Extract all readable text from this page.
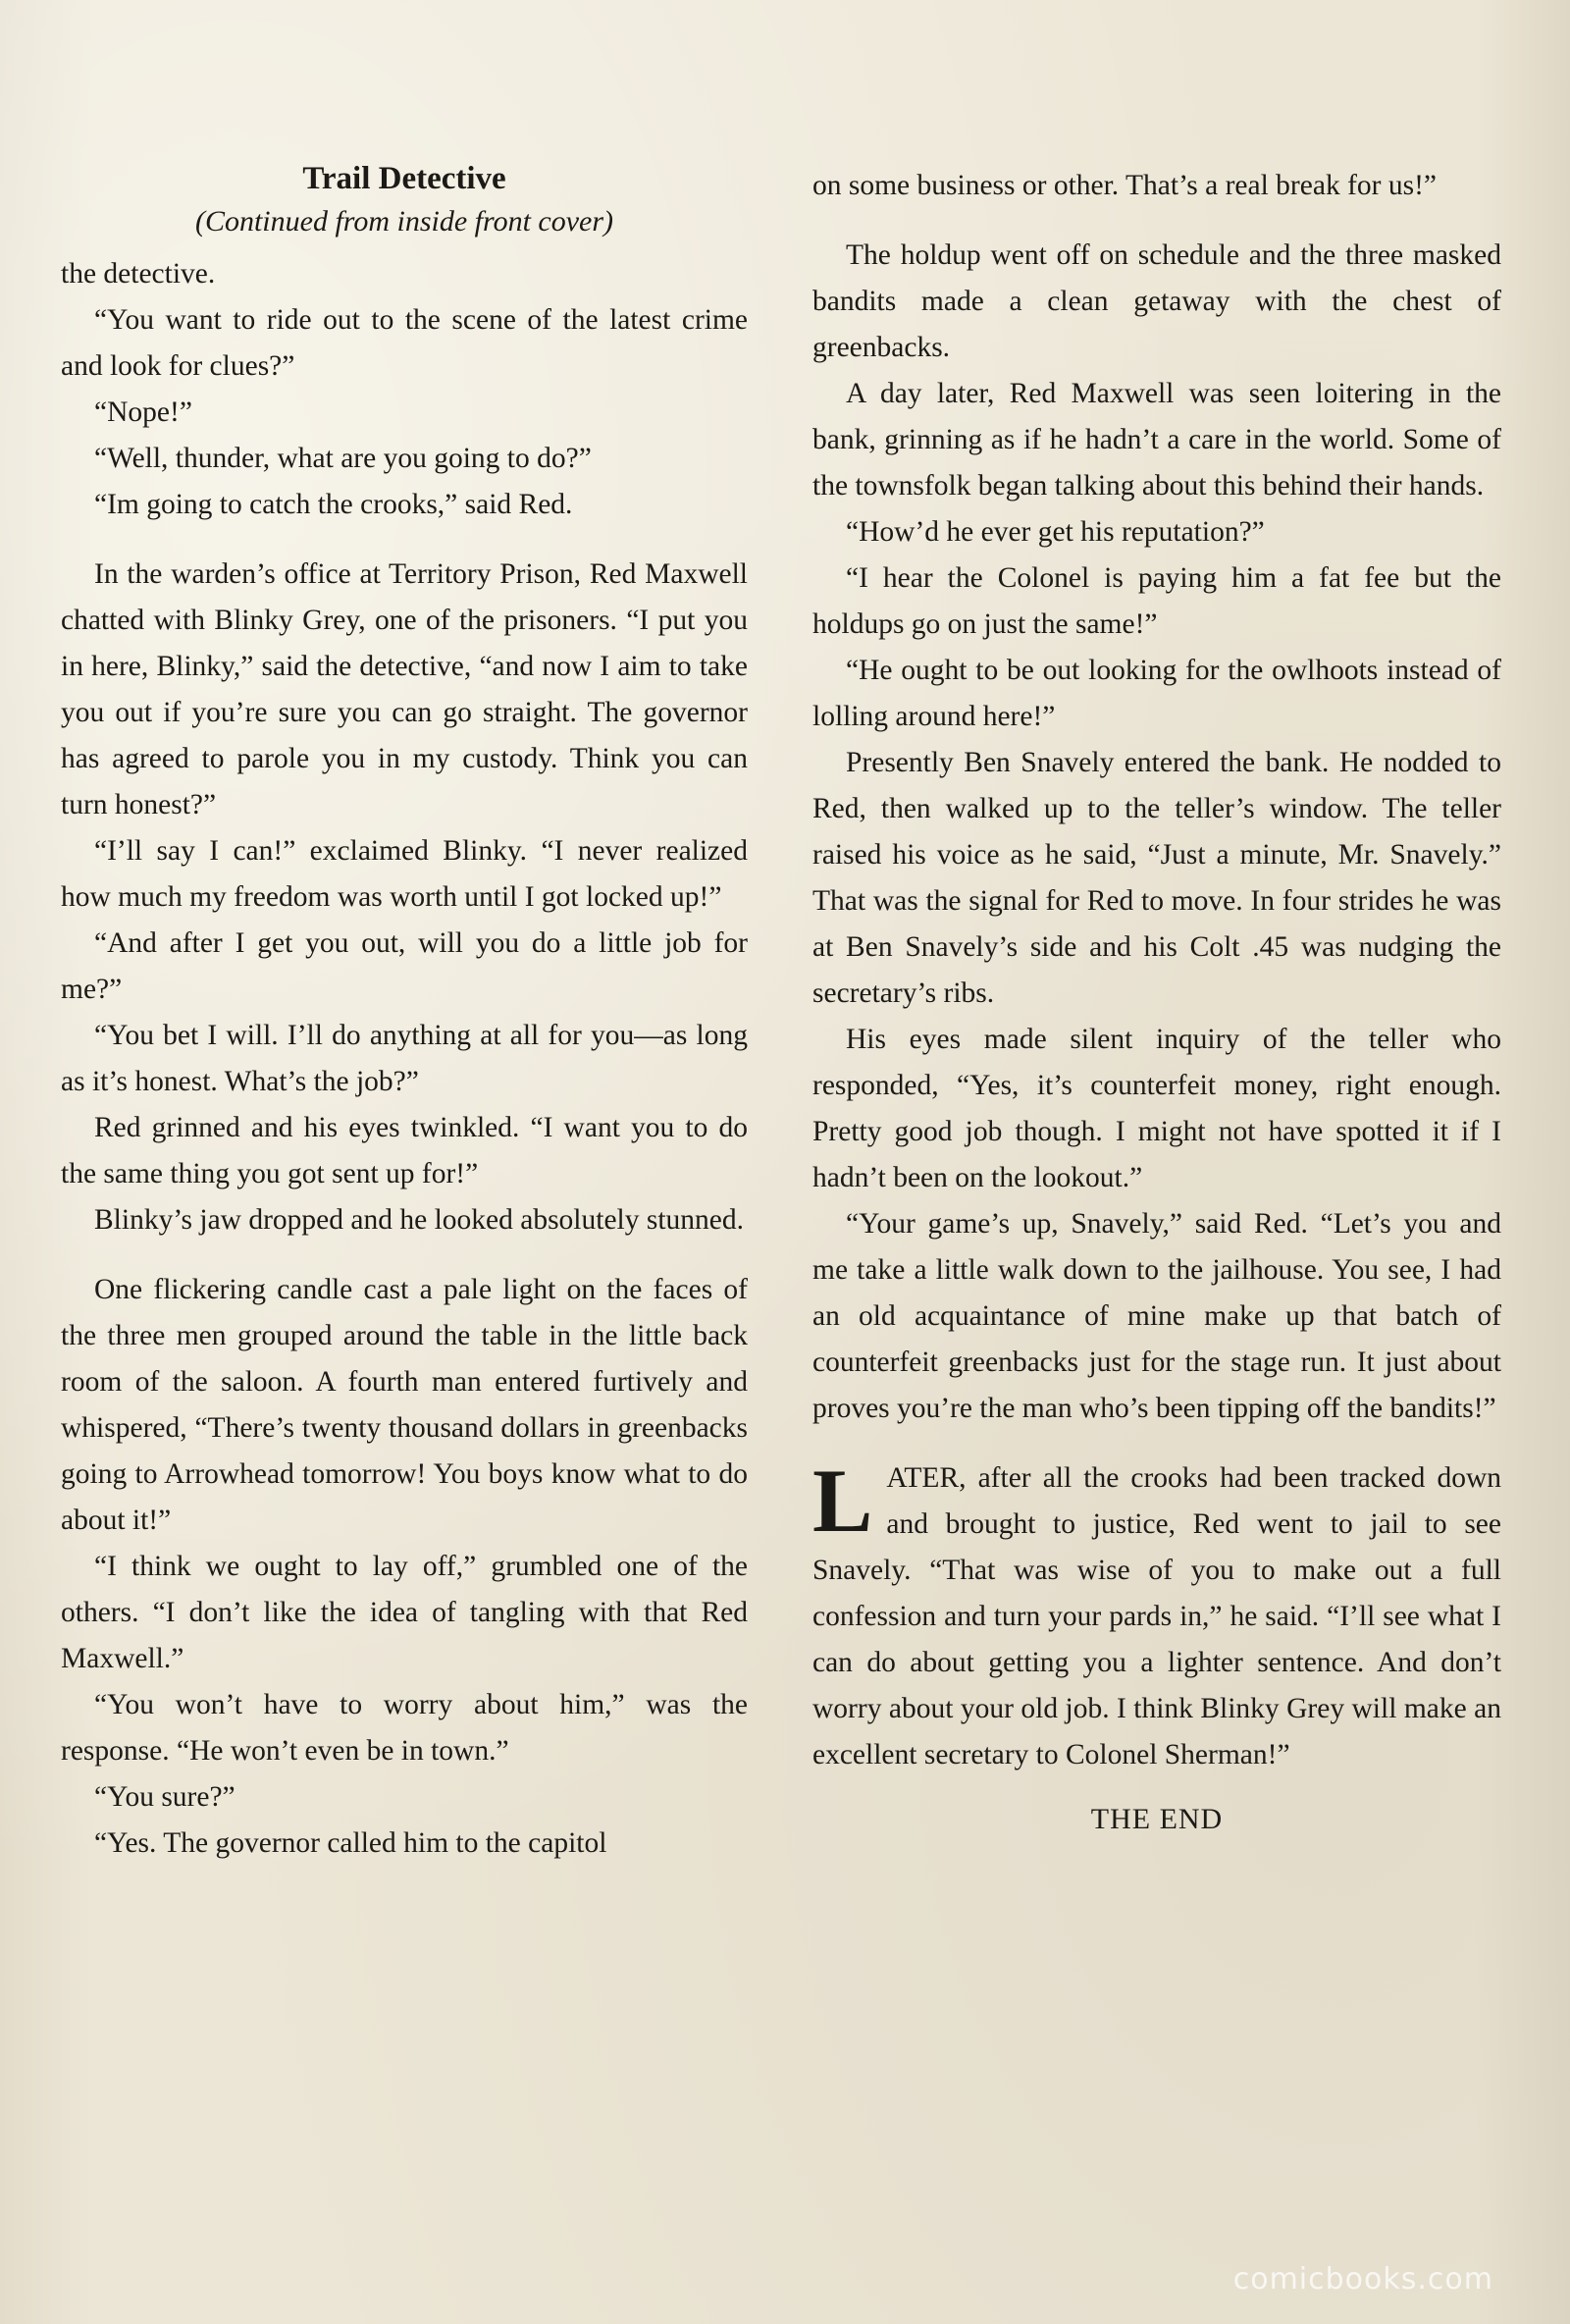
Trail Detective
(Continued from inside front cover)

the detective.

“You want to ride out to the scene of the latest crime and look for clues?”

“Nope!”

“Well, thunder, what are you going to do?”

“Im going to catch the crooks,” said Red.

In the warden’s office at Territory Prison, Red Maxwell chatted with Blinky Grey, one of the prisoners. “I put you in here, Blinky,” said the detective, “and now I aim to take you out if you’re sure you can go straight. The governor has agreed to parole you in my custody. Think you can turn honest?”

“I’ll say I can!” exclaimed Blinky. “I never realized how much my freedom was worth until I got locked up!”

“And after I get you out, will you do a little job for me?”

“You bet I will. I’ll do anything at all for you—as long as it’s honest. What’s the job?”

Red grinned and his eyes twinkled. “I want you to do the same thing you got sent up for!”

Blinky’s jaw dropped and he looked absolutely stunned.

One flickering candle cast a pale light on the faces of the three men grouped around the table in the little back room of the saloon. A fourth man entered furtively and whispered, “There’s twenty thousand dollars in greenbacks going to Arrowhead tomorrow! You boys know what to do about it!”

“I think we ought to lay off,” grumbled one of the others. “I don’t like the idea of tangling with that Red Maxwell.”

“You won’t have to worry about him,” was the response. “He won’t even be in town.”

“You sure?”

“Yes. The governor called him to the capitol

on some business or other. That’s a real break for us!”

The holdup went off on schedule and the three masked bandits made a clean getaway with the chest of greenbacks.

A day later, Red Maxwell was seen loitering in the bank, grinning as if he hadn’t a care in the world. Some of the townsfolk began talking about this behind their hands.

“How’d he ever get his reputation?”

“I hear the Colonel is paying him a fat fee but the holdups go on just the same!”

“He ought to be out looking for the owlhoots instead of lolling around here!”

Presently Ben Snavely entered the bank. He nodded to Red, then walked up to the teller’s window. The teller raised his voice as he said, “Just a minute, Mr. Snavely.” That was the signal for Red to move. In four strides he was at Ben Snavely’s side and his Colt .45 was nudging the secretary’s ribs.

His eyes made silent inquiry of the teller who responded, “Yes, it’s counterfeit money, right enough. Pretty good job though. I might not have spotted it if I hadn’t been on the lookout.”

“Your game’s up, Snavely,” said Red. “Let’s you and me take a little walk down to the jailhouse. You see, I had an old acquaintance of mine make up that batch of counterfeit greenbacks just for the stage run. It just about proves you’re the man who’s been tipping off the bandits!”

LATER, after all the crooks had been tracked down and brought to justice, Red went to jail to see Snavely. “That was wise of you to make out a full confession and turn your pards in,” he said. “I’ll see what I can do about getting you a lighter sentence. And don’t worry about your old job. I think Blinky Grey will make an excellent secretary to Colonel Sherman!”

THE END
comicbooks.com
